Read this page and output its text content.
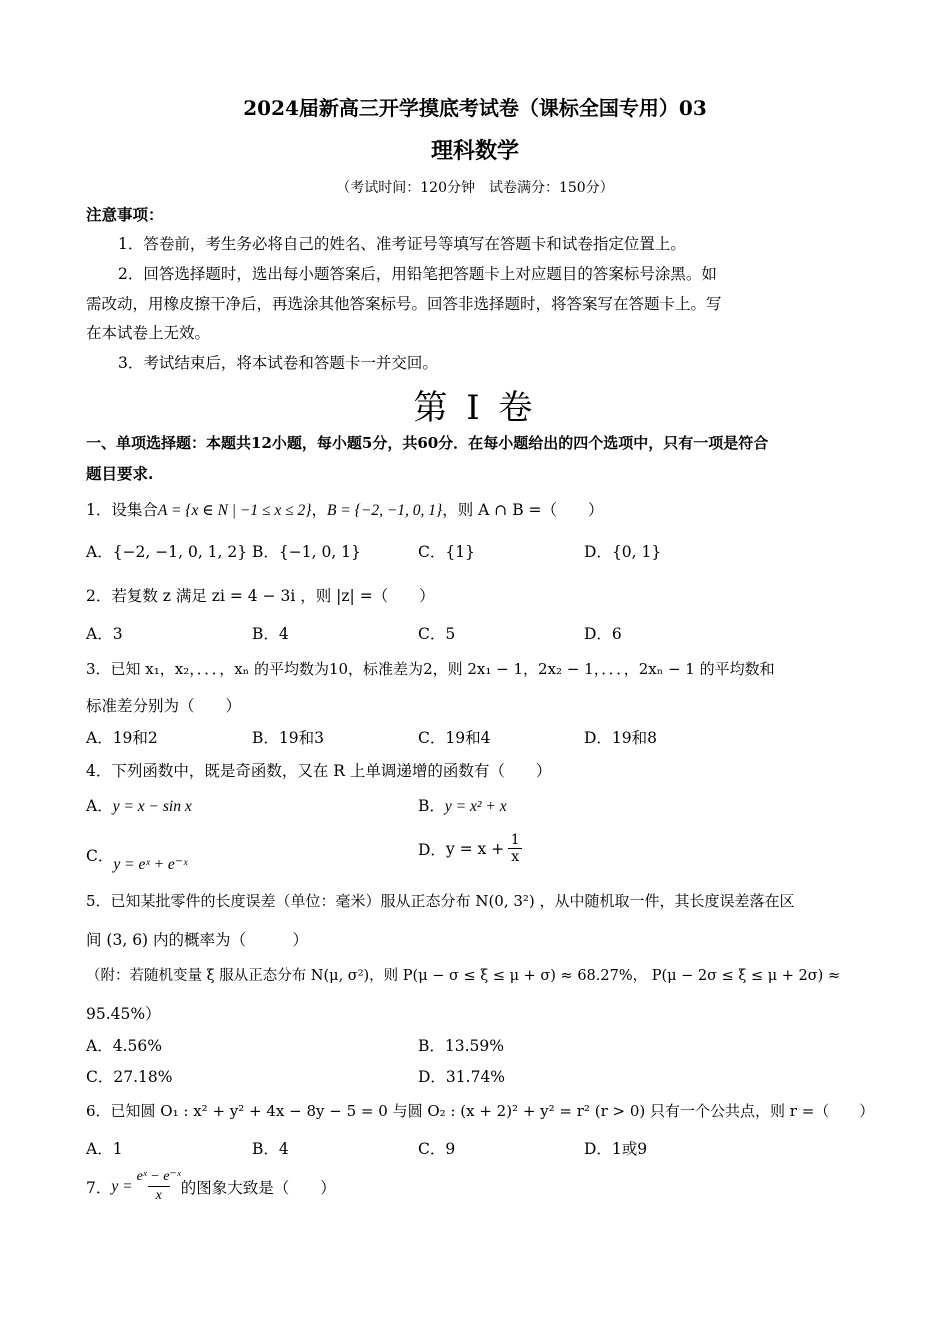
2024届新高三开学摸底考试卷（课标全国专用）03
理科数学
（考试时间：120分钟　试卷满分：150分）
注意事项：
1．答卷前，考生务必将自己的姓名、准考证号等填写在答题卡和试卷指定位置上。
2．回答选择题时，选出每小题答案后，用铅笔把答题卡上对应题目的答案标号涂黑。如
需改动，用橡皮擦干净后，再选涂其他答案标号。回答非选择题时，将答案写在答题卡上。写
在本试卷上无效。
3．考试结束后，将本试卷和答题卡一并交回。
第 I 卷
一、单项选择题：本题共12小题，每小题5分，共60分．在每小题给出的四个选项中，只有一项是符合
题目要求.
1．设集合A = {x ∈ N | −1 ≤ x ≤ 2}，B = {−2, −1, 0, 1}，则 A ∩ B =（　　）
A．{−2, −1, 0, 1, 2} B．{−1, 0, 1}	C．{1}	D．{0, 1}
2．若复数 z 满足 zi = 4 − 3i ，则 |z| =（　　）
A．3	B．4	C．5	D．6
3．已知 x₁，x₂，．．．，xₙ 的平均数为10，标准差为2，则 2x₁ − 1，2x₂ − 1，．．．，2xₙ − 1 的平均数和
标准差分别为（　　）
A．19和2	B．19和3	C．19和4	D．19和8
4．下列函数中，既是奇函数，又在 R 上单调递增的函数有（　　）
A．y = x − sin x	B．y = x² + x
C．y = eˣ + e⁻ˣ
D． $y = x + \frac{1}{x}$
5．已知某批零件的长度误差（单位：毫米）服从正态分布 N(0, 3²) ，从中随机取一件，其长度误差落在区
间 (3, 6) 内的概率为（　　　）
（附：若随机变量 ξ 服从正态分布 N(μ, σ²)，则 P(μ − σ ≤ ξ ≤ μ + σ) ≈ 68.27%， P(μ − 2σ ≤ ξ ≤ μ + 2σ) ≈
95.45%）
A．4.56%	B．13.59%
C．27.18%	D．31.74%
6．已知圆 O₁ : x² + y² + 4x − 8y − 5 = 0 与圆 O₂ : (x + 2)² + y² = r² (r > 0) 只有一个公共点，则 r =（　　）
A．1	B．4	C．9	D．1或9
7． $y = \frac{\text{eˣ − e⁻ˣ}}{x}$ 的图象大致是（　　）
